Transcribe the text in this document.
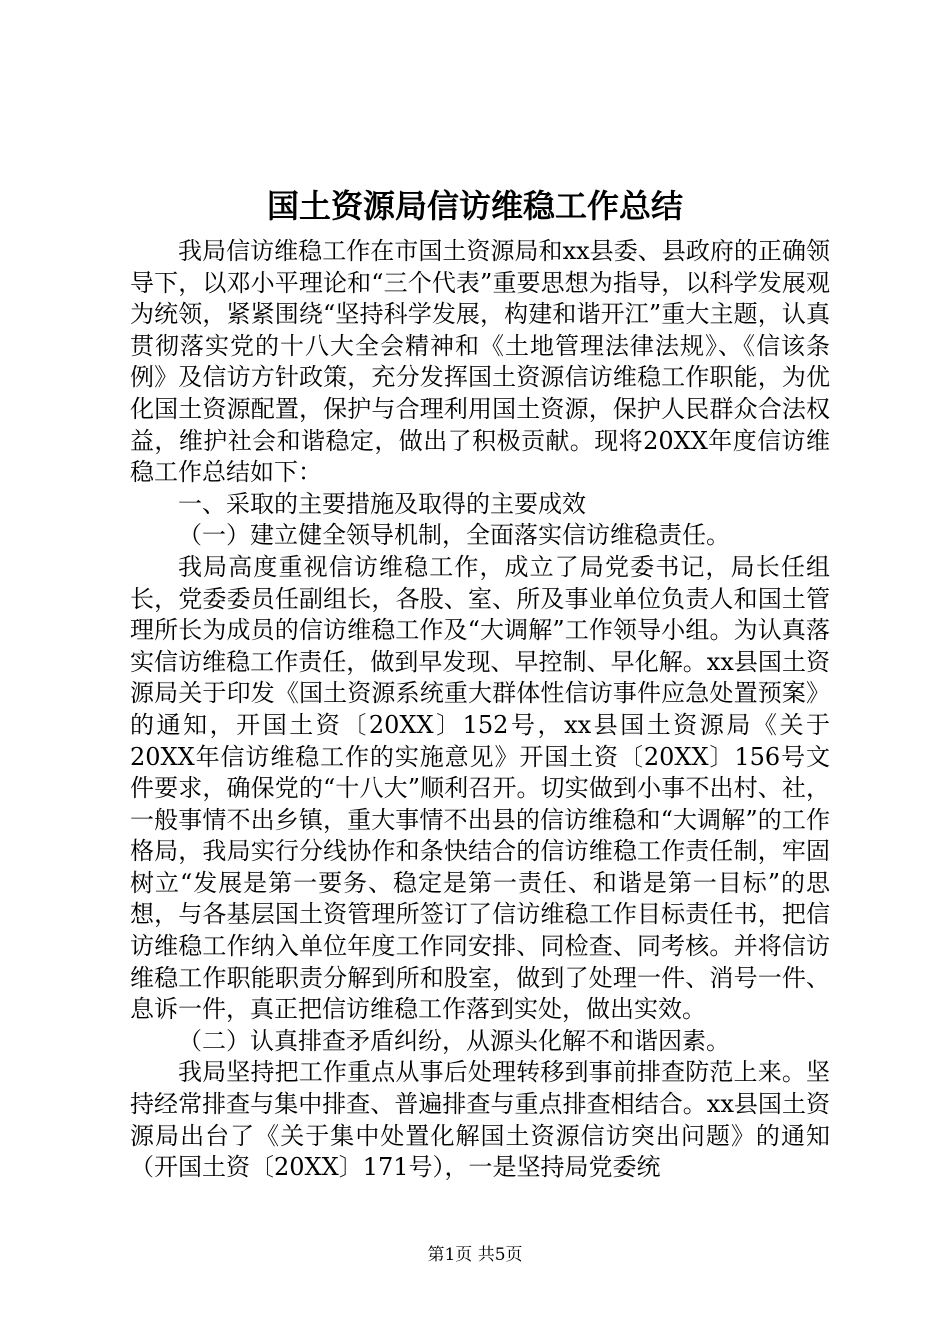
国土资源局信访维稳工作总结

我局信访维稳工作在市国土资源局和xx县委、县政府的正确领导下，以邓小平理论和“三个代表”重要思想为指导，以科学发展观为统领，紧紧围绕“坚持科学发展，构建和谐开江”重大主题，认真贯彻落实党的十八大全会精神和《土地管理法律法规》、《信该条例》及信访方针政策，充分发挥国土资源信访维稳工作职能，为优化国土资源配置，保护与合理利用国土资源，保护人民群众合法权益，维护社会和谐稳定，做出了积极贡献。现将20XX年度信访维稳工作总结如下：

一、采取的主要措施及取得的主要成效

（一）建立健全领导机制，全面落实信访维稳责任。

我局高度重视信访维稳工作，成立了局党委书记，局长任组长，党委委员任副组长，各股、室、所及事业单位负责人和国土管理所长为成员的信访维稳工作及“大调解”工作领导小组。为认真落实信访维稳工作责任，做到早发现、早控制、早化解。xx县国土资源局关于印发《国土资源系统重大群体性信访事件应急处置预案》的通知，开国土资〔20XX〕152号，xx县国土资源局《关于20XX年信访维稳工作的实施意见》开国土资〔20XX〕156号文件要求，确保党的“十八大”顺利召开。切实做到小事不出村、社，一般事情不出乡镇，重大事情不出县的信访维稳和“大调解”的工作格局，我局实行分线协作和条快结合的信访维稳工作责任制，牢固树立“发展是第一要务、稳定是第一责任、和谐是第一目标”的思想，与各基层国土资管理所签订了信访维稳工作目标责任书，把信访维稳工作纳入单位年度工作同安排、同检查、同考核。并将信访维稳工作职能职责分解到所和股室，做到了处理一件、消号一件、息诉一件，真正把信访维稳工作落到实处，做出实效。

（二）认真排查矛盾纠纷，从源头化解不和谐因素。

我局坚持把工作重点从事后处理转移到事前排查防范上来。坚持经常排查与集中排查、普遍排查与重点排查相结合。xx县国土资源局出台了《关于集中处置化解国土资源信访突出问题》的通知（开国土资〔20XX〕171号），一是坚持局党委统

第1页 共5页
